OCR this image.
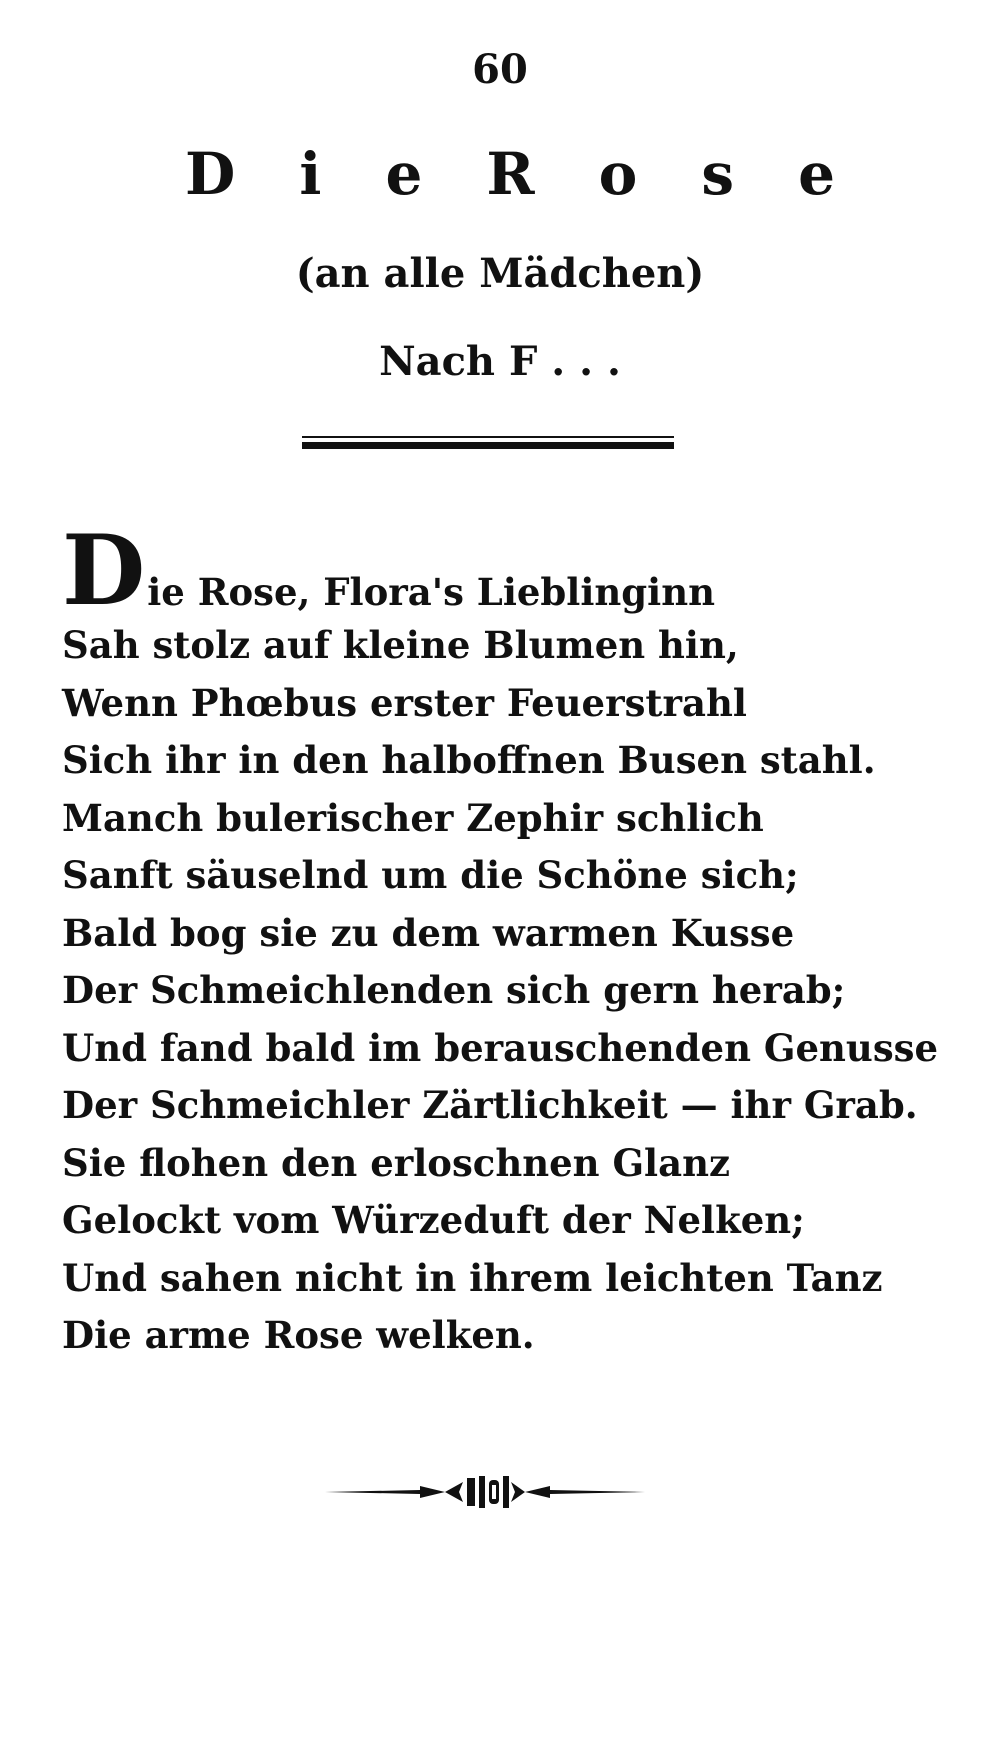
60
D i e R o s e
(an alle Mädchen)
Nach F . . .
Die Rose, Flora's Lieblinginn
Sah stolz auf kleine Blumen hin,
Wenn Phœbus erster Feuerstrahl
Sich ihr in den halboffnen Busen stahl.
Manch bulerischer Zephir schlich
Sanft säuselnd um die Schöne sich;
Bald bog sie zu dem warmen Kusse
Der Schmeichlenden sich gern herab;
Und fand bald im berauschenden Genusse
Der Schmeichler Zärtlichkeit — ihr Grab.
Sie flohen den erloschnen Glanz
Gelockt vom Würzeduft der Nelken;
Und sahen nicht in ihrem leichten Tanz
Die arme Rose welken.
